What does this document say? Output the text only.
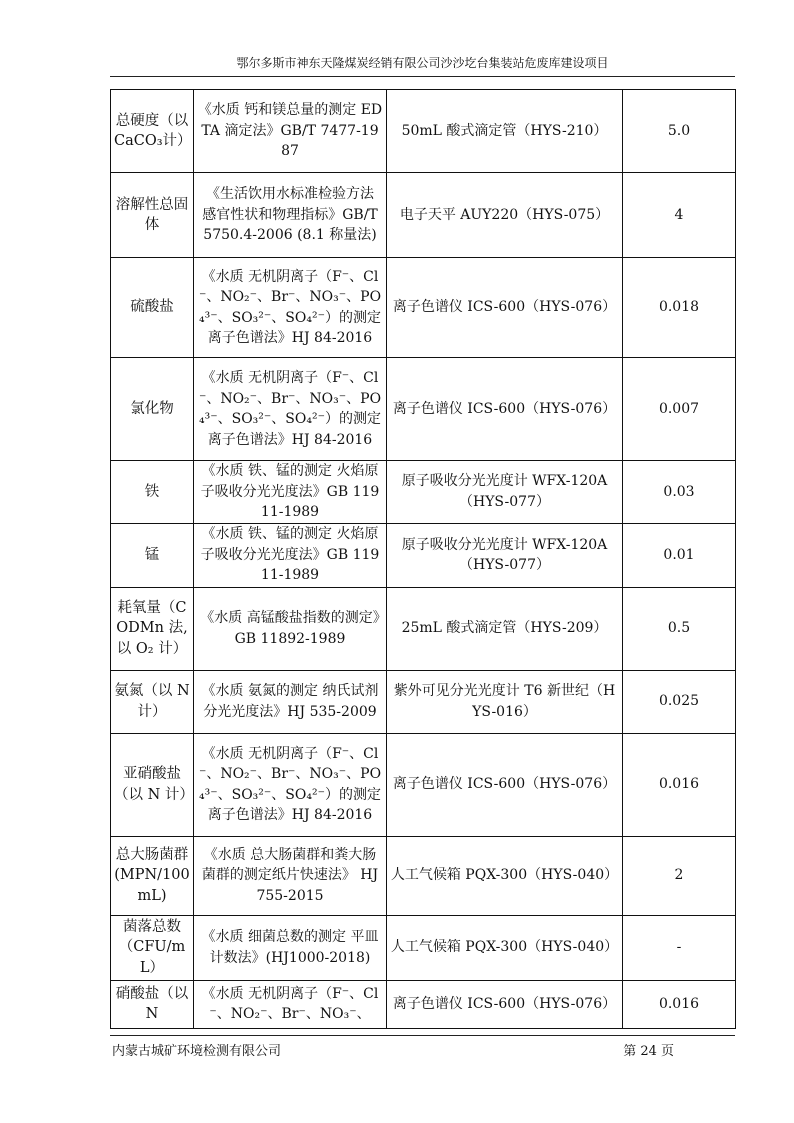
鄂尔多斯市神东天隆煤炭经销有限公司沙沙圪台集装站危废库建设项目
总硬度（以CaCO₃计）	《水质 钙和镁总量的测定 EDTA 滴定法》GB/T 7477-1987	50mL 酸式滴定管（HYS-210）	5.0
溶解性总固体	《生活饮用水标准检验方法 感官性状和物理指标》GB/T 5750.4-2006 (8.1 称量法)	电子天平 AUY220（HYS-075）	4
硫酸盐	《水质 无机阴离子（F⁻、Cl⁻、NO₂⁻、Br⁻、NO₃⁻、PO₄³⁻、SO₃²⁻、SO₄²⁻）的测定 离子色谱法》HJ 84-2016	离子色谱仪 ICS-600（HYS-076）	0.018
氯化物	《水质 无机阴离子（F⁻、Cl⁻、NO₂⁻、Br⁻、NO₃⁻、PO₄³⁻、SO₃²⁻、SO₄²⁻）的测定 离子色谱法》HJ 84-2016	离子色谱仪 ICS-600（HYS-076）	0.007
铁	《水质 铁、锰的测定 火焰原子吸收分光光度法》GB 11911-1989	原子吸收分光光度计 WFX-120A（HYS-077）	0.03
锰	《水质 铁、锰的测定 火焰原子吸收分光光度法》GB 11911-1989	原子吸收分光光度计 WFX-120A（HYS-077）	0.01
耗氧量（CODMn 法,以 O₂ 计）	《水质 高锰酸盐指数的测定》GB 11892-1989	25mL 酸式滴定管（HYS-209）	0.5
氨氮（以 N 计）	《水质 氨氮的测定 纳氏试剂分光光度法》HJ 535-2009	紫外可见分光光度计 T6 新世纪（HYS-016）	0.025
亚硝酸盐（以 N 计）	《水质 无机阴离子（F⁻、Cl⁻、NO₂⁻、Br⁻、NO₃⁻、PO₄³⁻、SO₃²⁻、SO₄²⁻）的测定 离子色谱法》HJ 84-2016	离子色谱仪 ICS-600（HYS-076）	0.016
总大肠菌群 (MPN/100 mL)	《水质 总大肠菌群和粪大肠菌群的测定纸片快速法》 HJ 755-2015	人工气候箱 PQX-300（HYS-040）	2
菌落总数（CFU/mL）	《水质 细菌总数的测定 平皿计数法》(HJ1000-2018)	人工气候箱 PQX-300（HYS-040）	-
硝酸盐（以 N	《水质 无机阴离子（F⁻、Cl⁻、NO₂⁻、Br⁻、NO₃⁻、	离子色谱仪 ICS-600（HYS-076）	0.016
内蒙古城矿环境检测有限公司	第 24 页
